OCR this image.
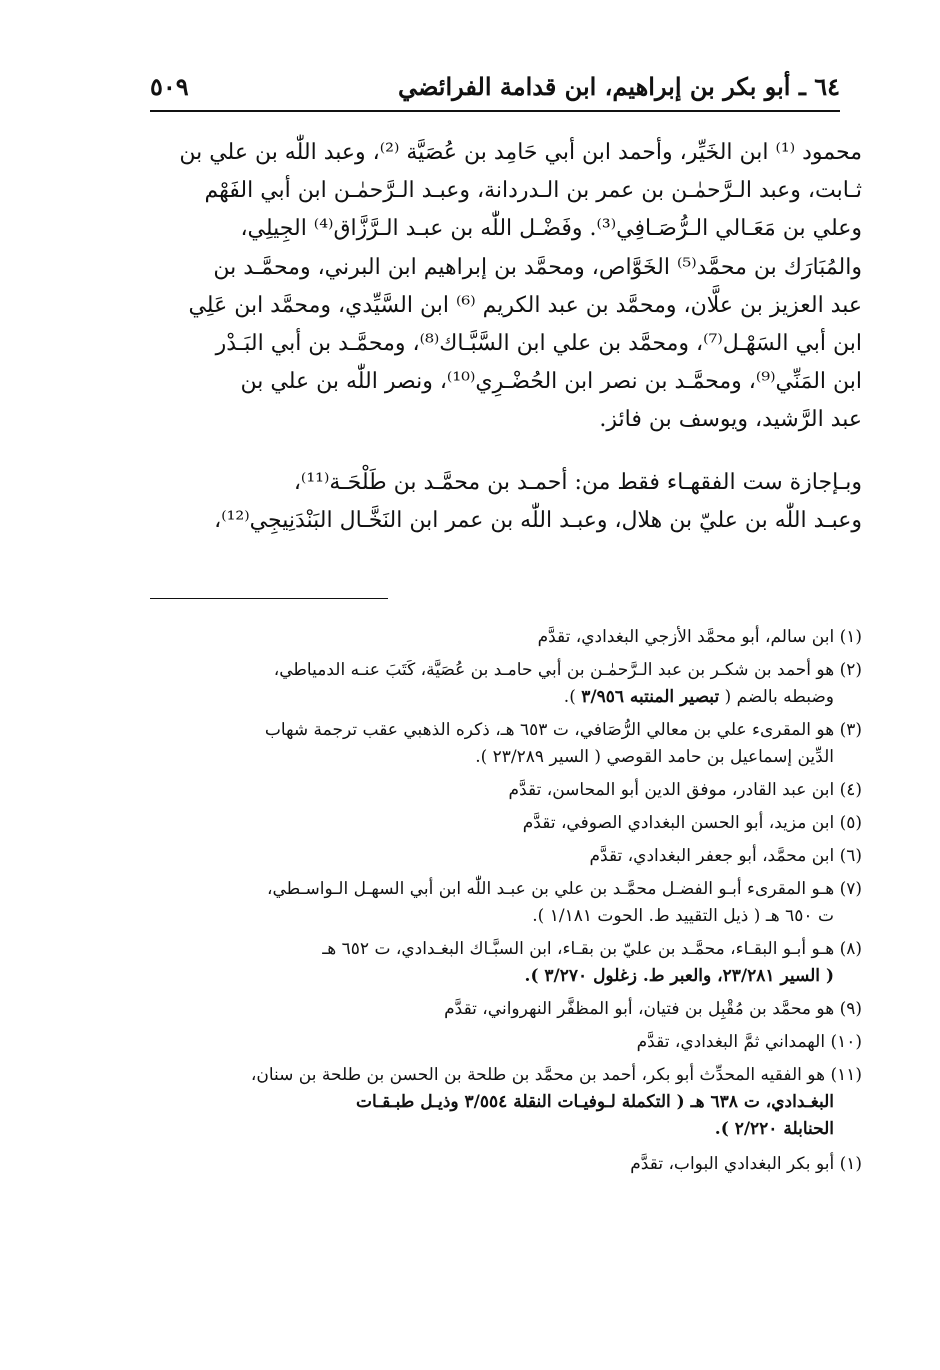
٦٤ ـ أبو بكر بن إبراهيم، ابن قدامة الفرائضي
٥٠٩
محمود ⁽¹⁾ ابن الخَيِّر، وأحمد ابن أبي حَامِد بن عُصَيَّة ⁽²⁾، وعبد اللّٰه بن علي بن
ثـابت، وعبد الـرَّحمٰـن بن عمر بن الـدردانة، وعبـد الـرَّحمٰـن ابن أبي الفَهْم
وعلي بن مَعَـالي الـرُّصَـافِي⁽³⁾. وفَضْـل اللّٰه بن عبـد الـرَّزَّاق⁽⁴⁾ الجِيلِي،
والمُبَارَك بن محمَّد⁽⁵⁾ الخَوَّاص، ومحمَّد بن إبراهيم ابن البرني، ومحمَّـد بن
عبد العزيز بن علَّان، ومحمَّد بن عبد الكريم ⁽⁶⁾ ابن السَّيِّدي، ومحمَّد ابن عَلِي
ابن أبي السَهْـل⁽⁷⁾، ومحمَّد بن علي ابن السَّبَّـاك⁽⁸⁾، ومحمَّـد بن أبي البَـدْر
ابن المَنِّي⁽⁹⁾، ومحمَّـد بن نصر ابن الحُضْـرِي⁽¹⁰⁾، ونصر اللّٰه بن علي بن
عبد الرَّشيد، ويوسف بن فائز.
وبـإجازة ست الفقهـاء فقط من: أحمـد بن محمَّـد بن طَلْحَـة⁽¹¹⁾،
وعبـد اللّٰه بن عليّ بن هلال، وعبـد اللّٰه بن عمر ابن النَخَّـال البَنْدَنِيجِي⁽¹²⁾،
(١) ابن سالم، أبو محمَّد الأزجي البغدادي، تقدَّم
(٢) هو أحمد بن شكـر بن عبد الـرَّحمٰـن بن أبي حامـد بن عُصَيَّة، كَتَبَ عنـه الدمياطي،
وضبطه بالضم ( تبصير المنتبه ٣/٩٥٦ ).
(٣) هو المقرىء علي بن معالي الرُّصَافي، ت ٦٥٣ هـ، ذكره الذهبي عقب ترجمة شهاب
الدِّين إسماعيل بن حامد القوصي ( السير ٢٣/٢٨٩ ).
(٤) ابن عبد القادر، موفق الدين أبو المحاسن، تقدَّم
(٥) ابن مزيد، أبو الحسن البغدادي الصوفي، تقدَّم
(٦) ابن محمَّد، أبو جعفر البغدادي، تقدَّم
(٧) هـو المقرىء أبـو الفضـل محمَّـد بن علي بن عبـد اللّٰه ابن أبي السهـل الـواسـطي،
ت ٦٥٠ هـ ( ذيل التقييد ط. الحوت ١/١٨١ ).
(٨) هـو أبـو البقـاء، محمَّـد بن عليّ بن بقـاء، ابن السبَّـاك البغـدادي، ت ٦٥٢ هـ
( السير ٢٣/٢٨١، والعبر ط. زغلول ٣/٢٧٠ ).
(٩) هو محمَّد بن مُقْبِل بن فتيان، أبو المظفَّر النهرواني، تقدَّم
(١٠) الهمداني ثمَّ البغدادي، تقدَّم
(١١) هو الفقيه المحدِّث أبو بكر، أحمد بن محمَّد بن طلحة بن الحسن بن طلحة بن سنان،
البغـدادي، ت ٦٣٨ هـ ( التكملة لـوفيـات النقلة ٣/٥٥٤ وذيـل طبـقـات
الحنابلة ٢/٢٢٠ ).
(١) أبو بكر البغدادي البواب، تقدَّم
